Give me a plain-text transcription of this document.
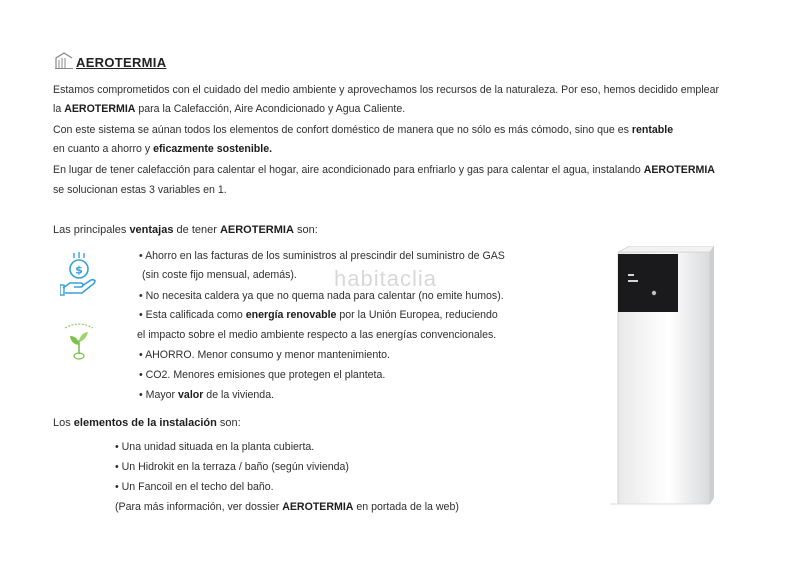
AEROTERMIA
Estamos comprometidos con el cuidado del medio ambiente y aprovechamos los recursos de la naturaleza. Por eso, hemos decidido emplear
la AEROTERMIA para la Calefacción, Aire Acondicionado y Agua Caliente.
Con este sistema se aúnan todos los elementos de confort doméstico de manera que no sólo es más cómodo, sino que es rentable
en cuanto a ahorro y eficazmente sostenible.
En lugar de tener calefacción para calentar el hogar, aire acondicionado para enfriarlo y gas para calentar el agua, instalando AEROTERMIA
se solucionan estas 3 variables en 1.
Las principales ventajas de tener AEROTERMIA son:
$
• Ahorro en las facturas de los suministros al prescindir del suministro de GAS
(sin coste fijo mensual, además).
• No necesita caldera ya que no quema nada para calentar (no emite humos).
• Esta calificada como energía renovable por la Unión Europea, reduciendo
el impacto sobre el medio ambiente respecto a las energías convencionales.
• AHORRO. Menor consumo y menor mantenimiento.
• CO2. Menores emisiones que protegen el planteta.
• Mayor valor de la vivienda.
Los elementos de la instalación son:
• Una unidad situada en la planta cubierta.
• Un Hidrokit en la terraza / baño (según vivienda)
• Un Fancoil en el techo del baño.
(Para más información, ver dossier AEROTERMIA en portada de la web)
habitaclia
